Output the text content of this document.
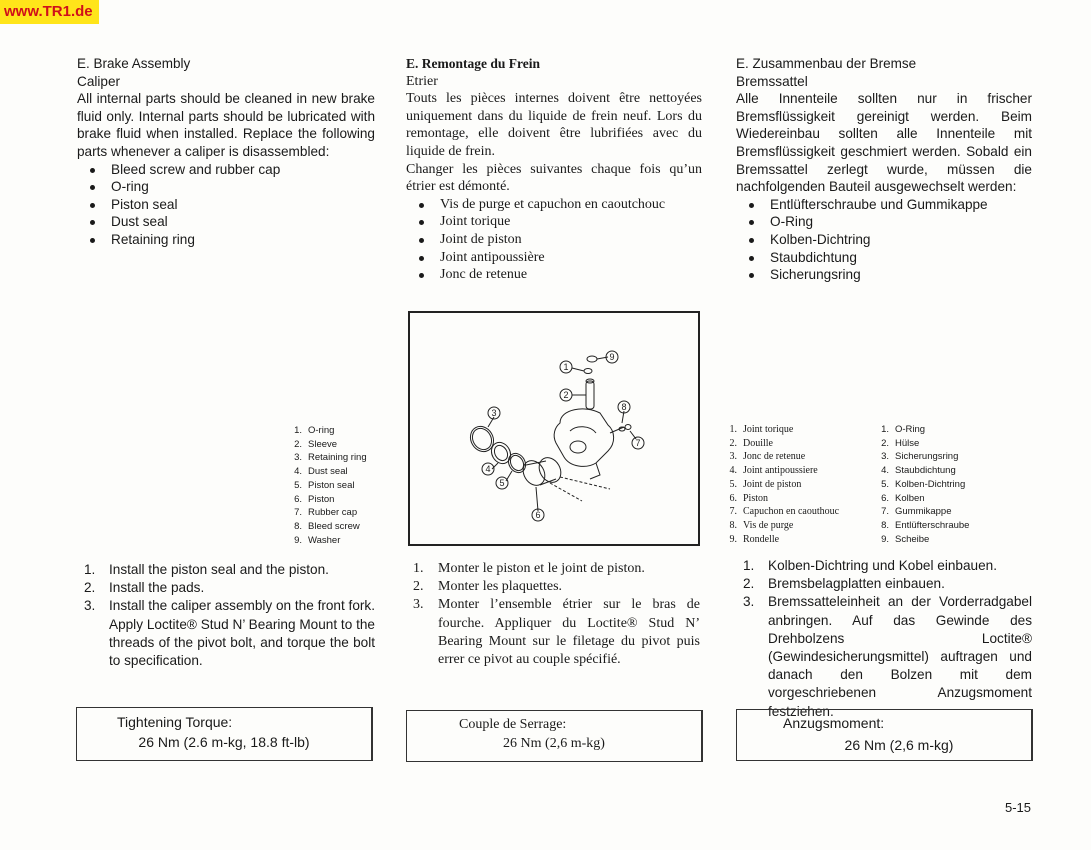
www.TR1.de
E. Brake Assembly
Caliper

All internal parts should be cleaned in new brake fluid only. Internal parts should be lubricated with brake fluid when installed. Replace the following parts whenever a caliper is disassembled:

Bleed screw and rubber cap
O-ring
Piston seal
Dust seal
Retaining ring
E. Remontage du Frein
Etrier

Touts les pièces internes doivent être nettoyées uniquement dans du liquide de frein neuf. Lors du remontage, elle doivent être lubrifiées avec du liquide de frein.

Changer les pièces suivantes chaque fois qu’un étrier est démonté.

Vis de purge et capuchon en caoutchouc
Joint torique
Joint de piston
Joint antipoussière
Jonc de retenue
E. Zusammenbau der Bremse
Bremssattel

Alle Innenteile sollten nur in frischer Bremsflüssigkeit gereinigt werden. Beim Wiedereinbau sollten alle Innenteile mit Bremsflüssigkeit geschmiert werden. Sobald ein Bremssattel zerlegt wurde, müssen die nachfolgenden Bauteil ausgewechselt werden:

Entlüfterschraube und Gummikappe
O-Ring
Kolben-Dichtring
Staubdichtung
Sicherungsring
1
2
3
4
5
6
7
8
9
1. O-ring
2. Sleeve
3. Retaining ring
4. Dust seal
5. Piston seal
6. Piston
7. Rubber cap
8. Bleed screw
9. Washer
1. Joint torique
2. Douille
3. Jonc de retenue
4. Joint antipoussiere
5. Joint de piston
6. Piston
7. Capuchon en caouthouc
8. Vis de purge
9. Rondelle
1. O-Ring
2. Hülse
3. Sicherungsring
4. Staubdichtung
5. Kolben-Dichtring
6. Kolben
7. Gummikappe
8. Entlüfterschraube
9. Scheibe

1. Install the piston seal and the piston.

2. Install the pads.

3. Install the caliper assembly on the front fork. Apply Loctite® Stud N’ Bearing Mount to the threads of the pivot bolt, and torque the bolt to specification.

1. Monter le piston et le joint de piston.

2. Monter les plaquettes.

3. Monter l’ensemble étrier sur le bras de fourche. Appliquer du Loctite® Stud N’ Bearing Mount sur le filetage du pivot puis errer ce pivot au couple spécifié.

1. Kolben-Dichtring und Kobel einbauen.

2. Bremsbelagplatten einbauen.

3. Bremssatteleinheit an der Vorderradgabel anbringen. Auf das Gewinde des Drehbolzens Loctite® (Gewindesicherungsmittel) auftragen und danach den Bolzen mit dem vorgeschriebenen Anzugsmoment festziehen.

Tightening Torque:
26 Nm (2.6 m-kg, 18.8 ft-lb)
Couple de Serrage:
26 Nm (2,6 m-kg)
Anzugsmoment:
26 Nm (2,6 m-kg)
5-15
